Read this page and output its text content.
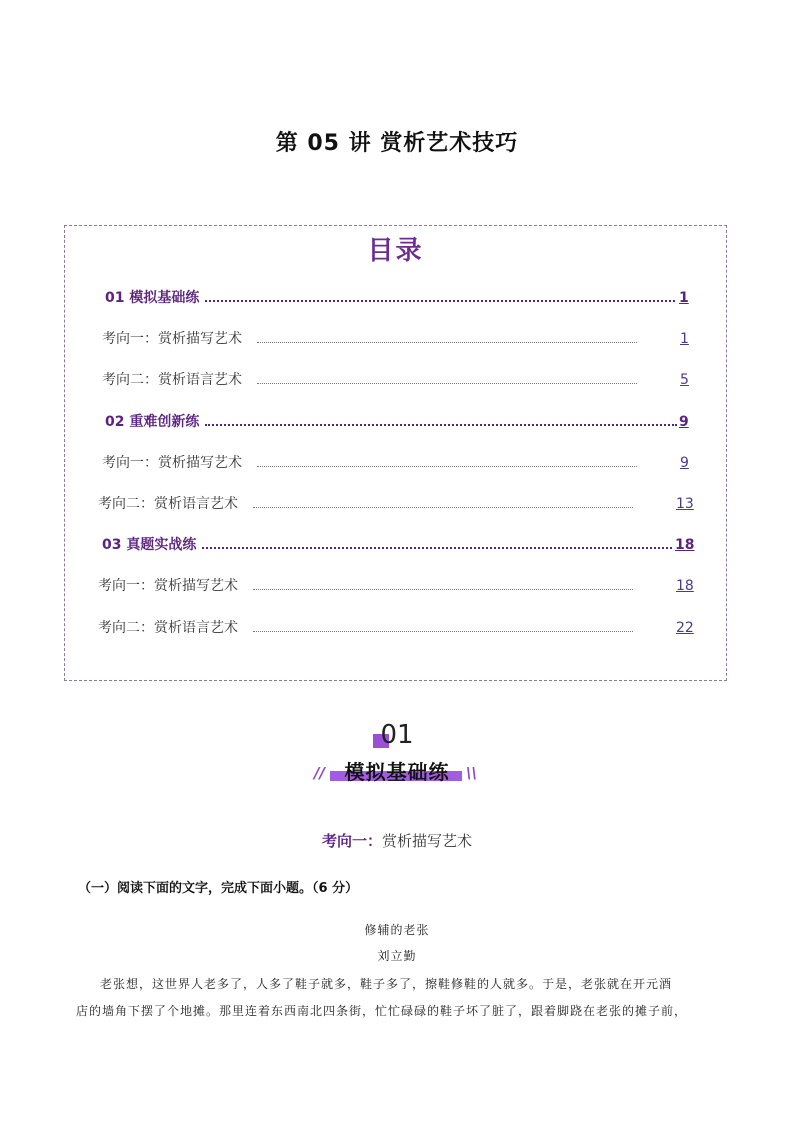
第 05 讲 赏析艺术技巧
目录
01 模拟基础练	1
考向一：赏析描写艺术	1
考向二：赏析语言艺术	5
02 重难创新练	9
考向一：赏析描写艺术	9
考向二：赏析语言艺术	13
03 真题实战练	18
考向一：赏析描写艺术	18
考向二：赏析语言艺术	22
01
模拟基础练
//	\\
考向一：赏析描写艺术
（一）阅读下面的文字，完成下面小题。（6 分）
修辅的老张
刘立勤
老张想，这世界人老多了，人多了鞋子就多，鞋子多了，擦鞋修鞋的人就多。于是，老张就在开元酒
店的墙角下摆了个地摊。那里连着东西南北四条街，忙忙碌碌的鞋子坏了脏了，跟着脚跷在老张的摊子前，
